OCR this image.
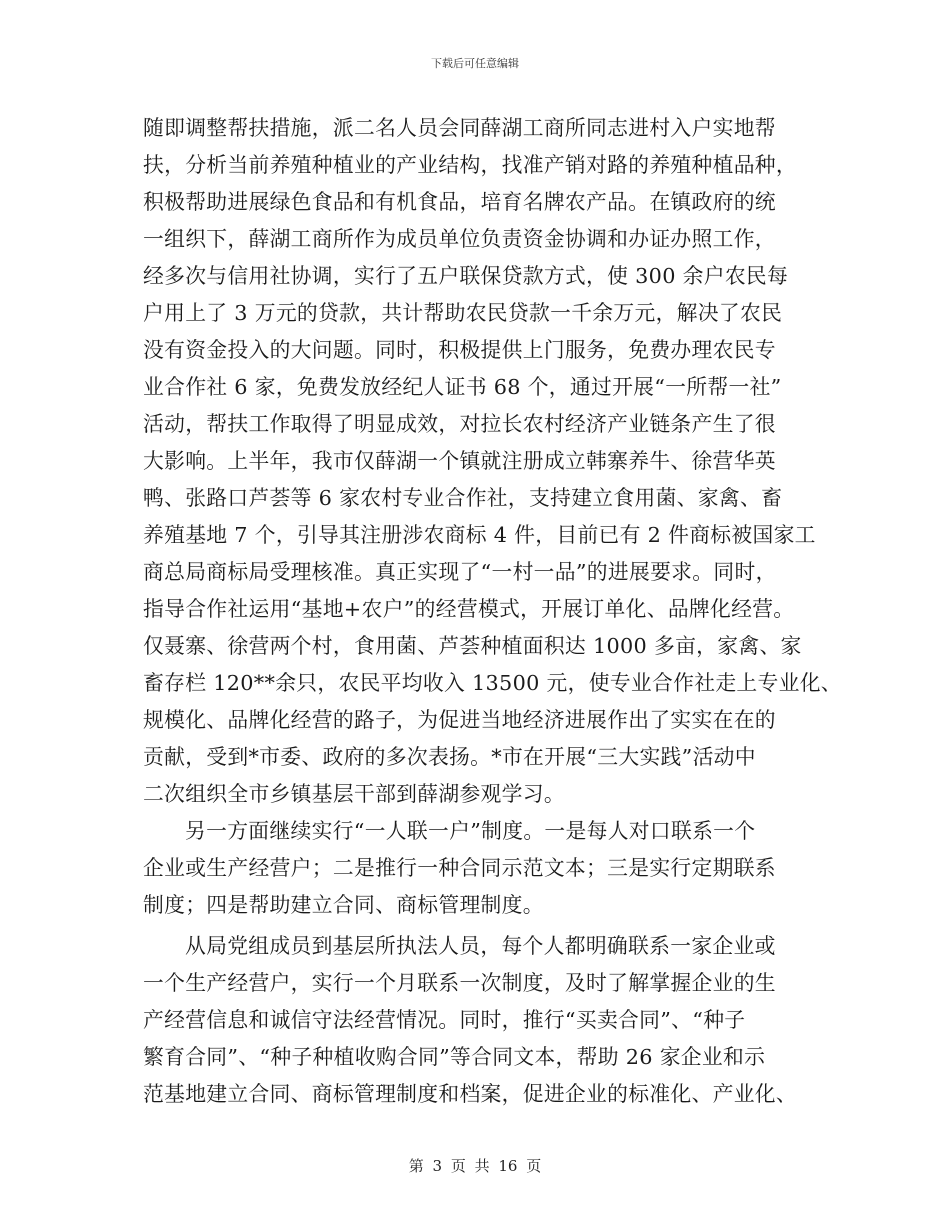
下载后可任意编辑
随即调整帮扶措施，派二名人员会同薛湖工商所同志进村入户实地帮
扶，分析当前养殖种植业的产业结构，找准产销对路的养殖种植品种，
积极帮助进展绿色食品和有机食品，培育名牌农产品。在镇政府的统
一组织下，薛湖工商所作为成员单位负责资金协调和办证办照工作，
经多次与信用社协调，实行了五户联保贷款方式，使 300 余户农民每
户用上了 3 万元的贷款，共计帮助农民贷款一千余万元，解决了农民
没有资金投入的大问题。同时，积极提供上门服务，免费办理农民专
业合作社 6 家，免费发放经纪人证书 68 个，通过开展“一所帮一社”
活动，帮扶工作取得了明显成效，对拉长农村经济产业链条产生了很
大影响。上半年，我市仅薛湖一个镇就注册成立韩寨养牛、徐营华英
鸭、张路口芦荟等 6 家农村专业合作社，支持建立食用菌、家禽、畜
养殖基地 7 个，引导其注册涉农商标 4 件，目前已有 2 件商标被国家工
商总局商标局受理核准。真正实现了“一村一品”的进展要求。同时，
指导合作社运用“基地+农户”的经营模式，开展订单化、品牌化经营。
仅聂寨、徐营两个村，食用菌、芦荟种植面积达 1000 多亩，家禽、家
畜存栏 120**余只，农民平均收入 13500 元，使专业合作社走上专业化、
规模化、品牌化经营的路子，为促进当地经济进展作出了实实在在的
贡献，受到*市委、政府的多次表扬。*市在开展“三大实践”活动中
二次组织全市乡镇基层干部到薛湖参观学习。
另一方面继续实行“一人联一户”制度。一是每人对口联系一个
企业或生产经营户；二是推行一种合同示范文本；三是实行定期联系
制度；四是帮助建立合同、商标管理制度。
从局党组成员到基层所执法人员，每个人都明确联系一家企业或
一个生产经营户，实行一个月联系一次制度，及时了解掌握企业的生
产经营信息和诚信守法经营情况。同时，推行“买卖合同”、“种子
繁育合同”、“种子种植收购合同”等合同文本，帮助 26 家企业和示
范基地建立合同、商标管理制度和档案，促进企业的标准化、产业化、
第 3 页 共 16 页
